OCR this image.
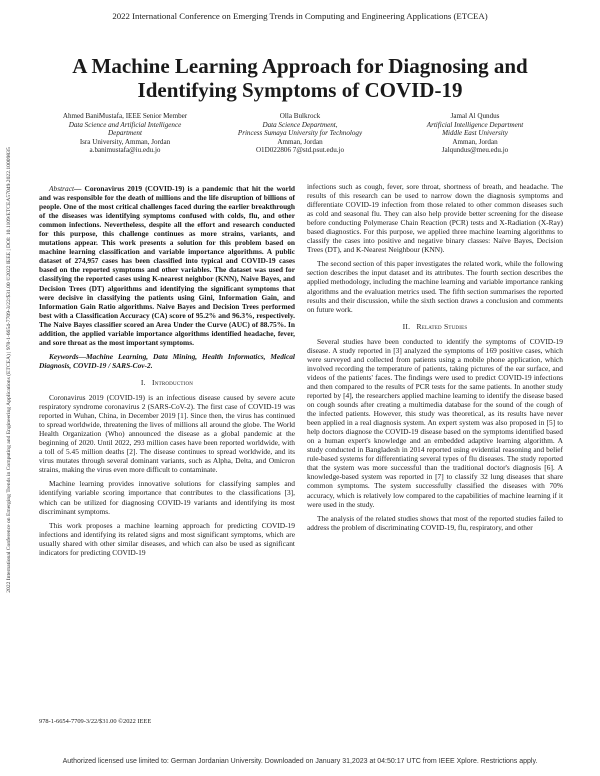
2022 International Conference on Emerging Trends in Computing and Engineering Applications (ETCEA)
2022 International Conference on Emerging Trends in Computing and Engineering Applications (ETCEA) | 978-1-6654-7709-3/22/$31.00 ©2022 IEEE | DOI: 10.1109/ETCEA57049.2022.10009835
A Machine Learning Approach for Diagnosing and Identifying Symptoms of COVID-19
Ahmed BaniMustafa, IEEE Senior Member
Data Science and Artificial Intelligence
Department
Isra University, Amman, Jordan
a.banimustafa@iu.edu.jo
Olla Bulkrock
Data Science Department,
Princess Sumaya University for Technology
Amman, Jordan
O1D022806 7@std.psut.edu.jo
Jamal Al Qundus
Artificial Intelligence Department
Middle East University
Amman, Jordan
Jalqundus@meu.edu.jo

Abstract— Coronavirus 2019 (COVID-19) is a pandemic that hit the world and was responsible for the death of millions and the life disruption of billions of people. One of the most critical challenges faced during the earlier breakthrough of the diseases was identifying symptoms confused with colds, flu, and other common infections. Nevertheless, despite all the effort and research conducted for this purpose, this challenge continues as more strains, variants, and mutations appear. This work presents a solution for this problem based on machine learning classification and variable importance algorithms. A public dataset of 274,957 cases has been classified into typical and COVID-19 cases based on the reported symptoms and other variables. The dataset was used for classifying the reported cases using K-nearest neighbor (KNN), Naive Bayes, and Decision Trees (DT) algorithms and identifying the significant symptoms that were decisive in classifying the patients using Gini, Information Gain, and Information Gain Ratio algorithms. Naive Bayes and Decision Trees performed best with a Classification Accuracy (CA) score of 95.2% and 96.3%, respectively. The Naive Bayes classifier scored an Area Under the Curve (AUC) of 88.75%. In addition, the applied variable importance algorithms identified headache, fever, and sore throat as the most important symptoms.

Keywords—Machine Learning, Data Mining, Health Informatics, Medical Diagnosis, COVID-19 / SARS-Cov-2.

I. Introduction

Coronavirus 2019 (COVID-19) is an infectious disease caused by severe acute respiratory syndrome coronavirus 2 (SARS-CoV-2). The first case of COVID-19 was reported in Wuhan, China, in December 2019 [1]. Since then, the virus has continued to spread worldwide, threatening the lives of millions all around the globe. The World Health Organization (Who) announced the disease as a global pandemic at the beginning of 2020. Until 2022, 293 million cases have been reported worldwide, with a toll of 5.45 million deaths [2]. The disease continues to spread worldwide, and its virus mutates through several dominant variants, such as Alpha, Delta, and Omicron strains, making the virus even more difficult to contaminate.

Machine learning provides innovative solutions for classifying samples and identifying variable scoring importance that contributes to the classifications [3], which can be utilized for diagnosing COVID-19 variants and identifying its most discriminant symptoms.

This work proposes a machine learning approach for predicting COVID-19 infections and identifying its related signs and most significant symptoms, which are usually shared with other similar diseases, and which can also be used as significant indicators for predicting COVID-19

infections such as cough, fever, sore throat, shortness of breath, and headache. The results of this research can be used to narrow down the diagnosis symptoms and differentiate COVID-19 infection from those related to other common diseases such as cold and seasonal flu. They can also help provide better screening for the disease before conducting Polymerase Chain Reaction (PCR) tests and X-Radiation (X-Ray) based diagnostics. For this purpose, we applied three machine learning algorithms to classify the cases into positive and negative binary classes: Naïve Bayes, Decision Trees (DT), and K-Nearest Neighbour (KNN).

The second section of this paper investigates the related work, while the following section describes the input dataset and its attributes. The fourth section describes the applied methodology, including the machine learning and variable importance ranking algorithms and the evaluation metrics used. The fifth section summarises the reported results and their discussion, while the sixth section draws a conclusion and comments on future work.

II. Related Studies

Several studies have been conducted to identify the symptoms of COVID-19 disease. A study reported in [3] analyzed the symptoms of 169 positive cases, which were surveyed and collected from patients using a mobile phone application, which involved recording the temperature of patients, taking pictures of the ear surface, and videos of the patients' faces. The findings were used to predict COVID-19 infections and then compared to the results of PCR tests for the same patients. In another study reported by [4], the researchers applied machine learning to identify the disease based on cough sounds after creating a multimedia database for the sound of the cough of the infected patients. However, this study was theoretical, as its results have never been applied in a real diagnosis system. An expert system was also proposed in [5] to help doctors diagnose the COVID-19 disease based on the symptoms identified based on a human expert's knowledge and an embedded adaptive learning algorithm. A study conducted in Bangladesh in 2014 reported using evidential reasoning and belief rule-based systems for differentiating several types of flu diseases. The study reported that the system was more successful than the traditional doctor's diagnosis [6]. A knowledge-based system was reported in [7] to classify 32 lung diseases that share common symptoms. The system successfully classified the diseases with 70% accuracy, which is relatively low compared to the capabilities of machine learning if it were used in the study.

The analysis of the related studies shows that most of the reported studies failed to address the problem of discriminating COVID-19, flu, respiratory, and other

978-1-6654-7709-3/22/$31.00 ©2022 IEEE
Authorized licensed use limited to: German Jordanian University. Downloaded on January 31,2023 at 04:50:17 UTC from IEEE Xplore. Restrictions apply.
